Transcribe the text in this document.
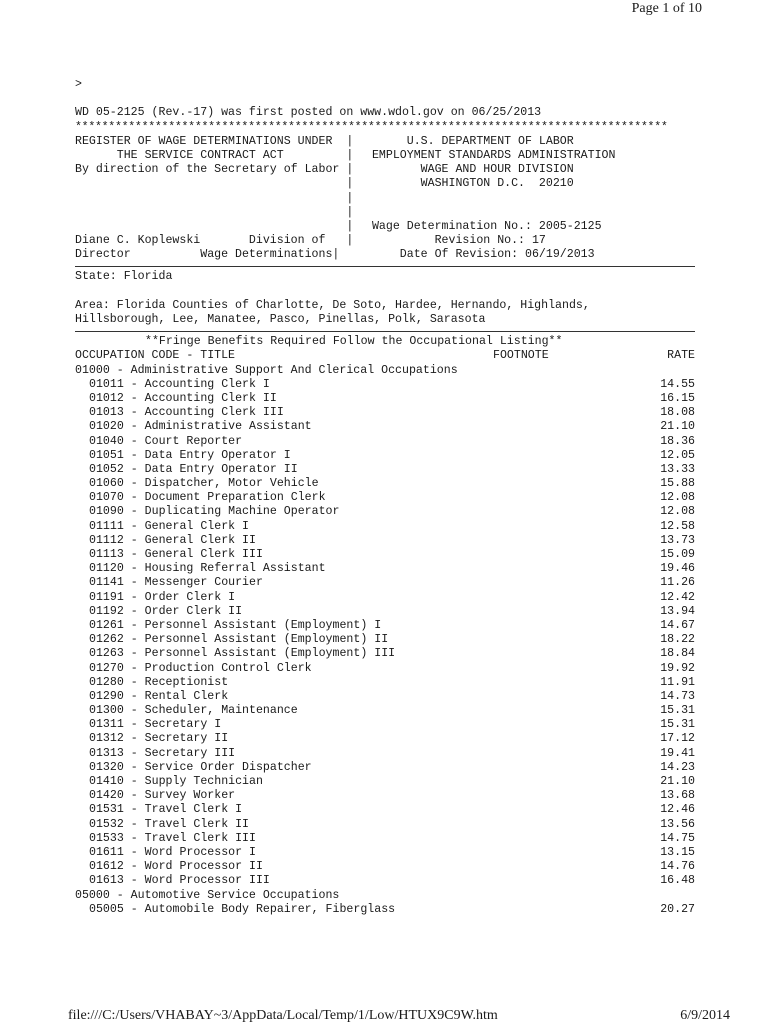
Page 1 of 10
>
WD 05-2125 (Rev.-17) was first posted on www.wdol.gov on 06/25/2013
*****************************************************************************************
REGISTER OF WAGE DETERMINATIONS UNDER  |
THE SERVICE CONTRACT ACT         |
By direction of the Secretary of Labor |
|
|
|
|
Diane C. Koplewski       Division of   |
Director          Wage Determinations|
U.S. DEPARTMENT OF LABOR
EMPLOYMENT STANDARDS ADMINISTRATION
WAGE AND HOUR DIVISION
WASHINGTON D.C.  20210
Wage Determination No.: 2005-2125
Revision No.: 17
Date Of Revision: 06/19/2013
State: Florida
Area: Florida Counties of Charlotte, De Soto, Hardee, Hernando, Highlands,
Hillsborough, Lee, Manatee, Pasco, Pinellas, Polk, Sarasota
**Fringe Benefits Required Follow the Occupational Listing**
OCCUPATION CODE - TITLE	FOOTNOTE	RATE
01000 - Administrative Support And Clerical Occupations
01011 - Accounting Clerk I	14.55
01012 - Accounting Clerk II	16.15
01013 - Accounting Clerk III	18.08
01020 - Administrative Assistant	21.10
01040 - Court Reporter	18.36
01051 - Data Entry Operator I	12.05
01052 - Data Entry Operator II	13.33
01060 - Dispatcher, Motor Vehicle	15.88
01070 - Document Preparation Clerk	12.08
01090 - Duplicating Machine Operator	12.08
01111 - General Clerk I	12.58
01112 - General Clerk II	13.73
01113 - General Clerk III	15.09
01120 - Housing Referral Assistant	19.46
01141 - Messenger Courier	11.26
01191 - Order Clerk I	12.42
01192 - Order Clerk II	13.94
01261 - Personnel Assistant (Employment) I	14.67
01262 - Personnel Assistant (Employment) II	18.22
01263 - Personnel Assistant (Employment) III	18.84
01270 - Production Control Clerk	19.92
01280 - Receptionist	11.91
01290 - Rental Clerk	14.73
01300 - Scheduler, Maintenance	15.31
01311 - Secretary I	15.31
01312 - Secretary II	17.12
01313 - Secretary III	19.41
01320 - Service Order Dispatcher	14.23
01410 - Supply Technician	21.10
01420 - Survey Worker	13.68
01531 - Travel Clerk I	12.46
01532 - Travel Clerk II	13.56
01533 - Travel Clerk III	14.75
01611 - Word Processor I	13.15
01612 - Word Processor II	14.76
01613 - Word Processor III	16.48
05000 - Automotive Service Occupations
05005 - Automobile Body Repairer, Fiberglass	20.27
file:///C:/Users/VHABAY~3/AppData/Local/Temp/1/Low/HTUX9C9W.htm	6/9/2014
